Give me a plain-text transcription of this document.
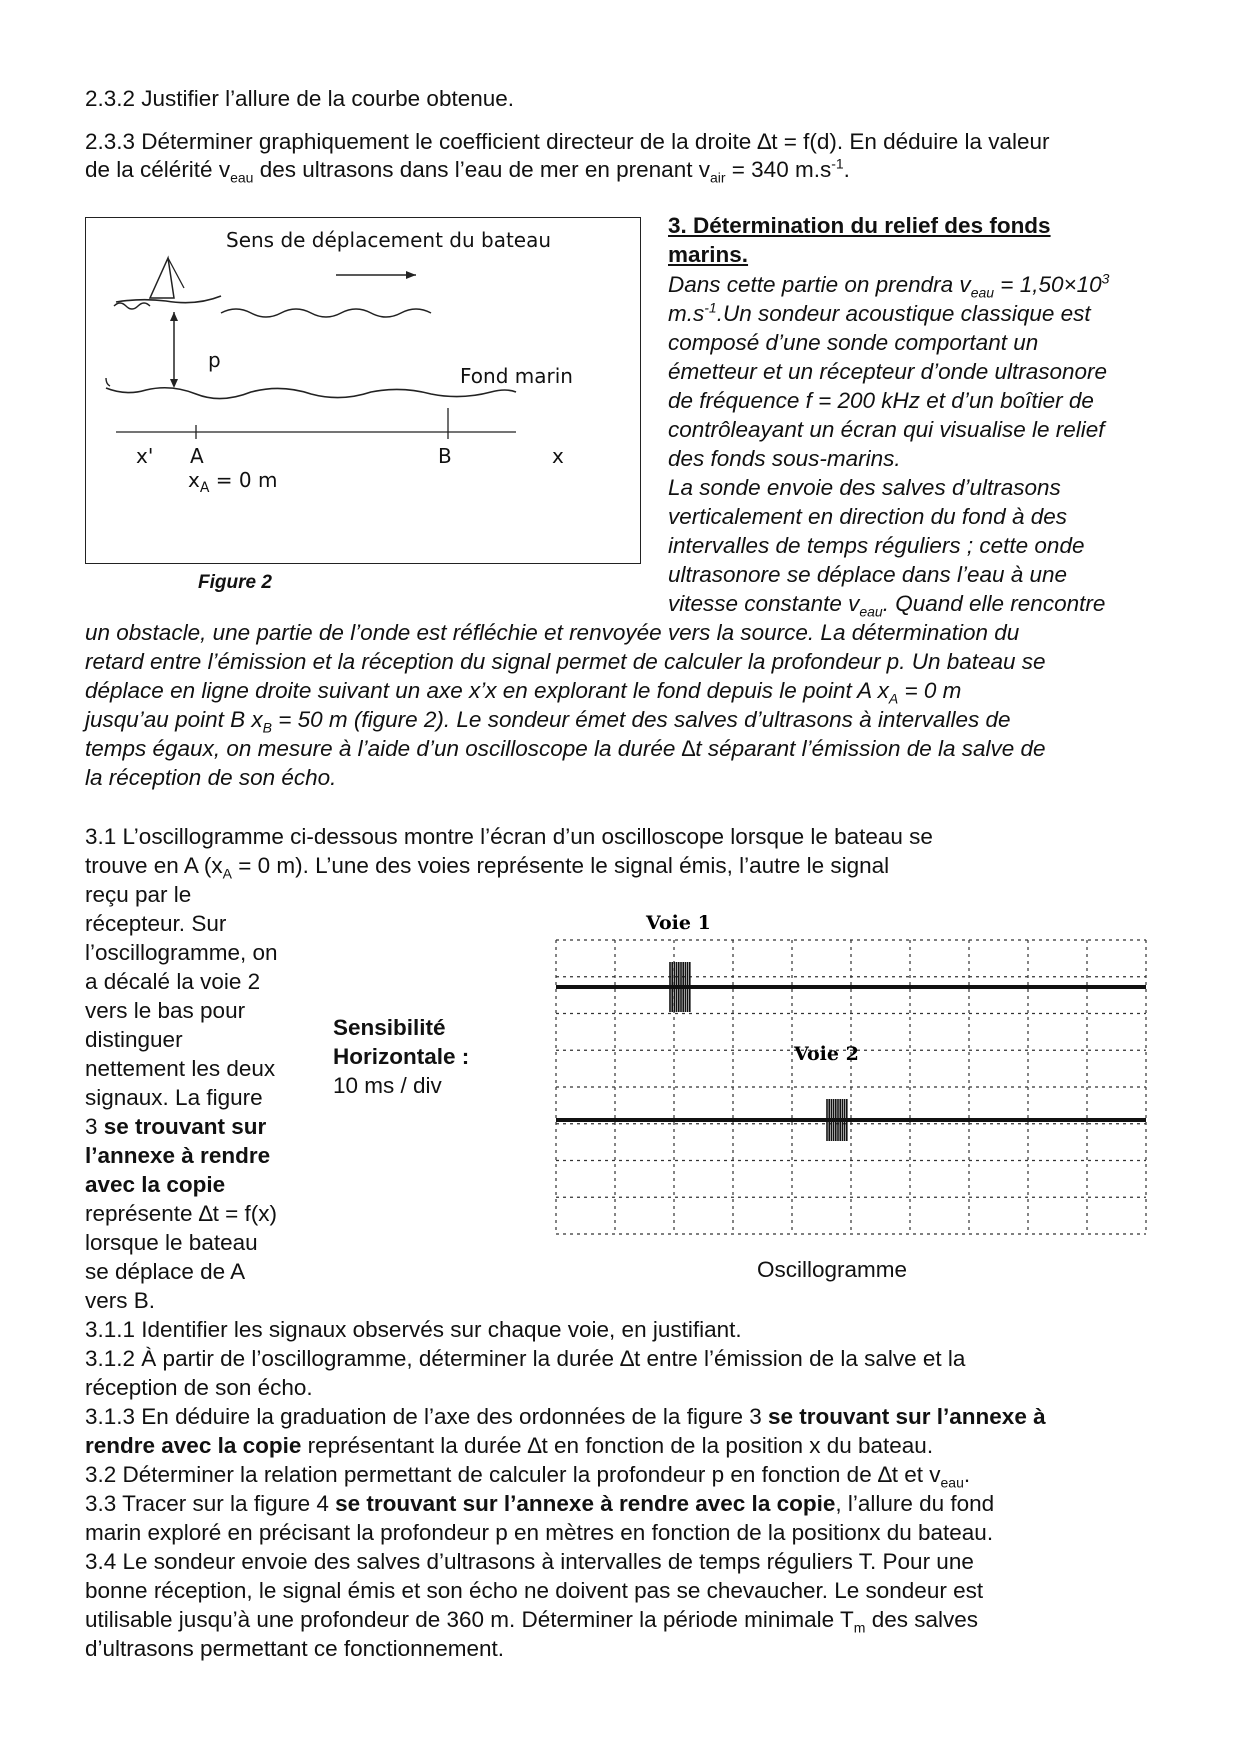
2.3.2 Justifier l’allure de la courbe obtenue.

2.3.3 Déterminer graphiquement le coefficient directeur de la droite ∆t = f(d). En déduire la valeur

de la célérité $v_{eau}$ des ultrasons dans l’eau de mer en prenant $v_{air} = 340$ $m.s^{-1}$.

Sens de déplacement du bateau
p
Fond marin
x' A	B	x
$x_A = 0$ m
Figure 2

3. Détermination du relief des fonds

marins.

Dans cette partie on prendra $v_{eau} = 1,50\times 10^3$

$m.s^{-1}.Un$ sondeur acoustique classique est

composé d’une sonde comportant un

émetteur et un récepteur d’onde ultrasonore

de fréquence f = 200 kHz et d’un boîtier de

contrôleayant un écran qui visualise le relief

des fonds sous-marins.

La sonde envoie des salves d’ultrasons

verticalement en direction du fond à des

intervalles de temps réguliers ; cette onde

ultrasonore se déplace dans l’eau à une

vitesse constante $v_{eau}$. Quand elle rencontre

un obstacle, une partie de l’onde est réfléchie et renvoyée vers la source. La détermination du

retard entre l’émission et la réception du signal permet de calculer la profondeur p. Un bateau se

déplace en ligne droite suivant un axe x’x en explorant le fond depuis le point A $x_A = 0$ m

jusqu’au point B $x_B = 50$ m (figure 2). Le sondeur émet des salves d’ultrasons à intervalles de

temps égaux, on mesure à l’aide d’un oscilloscope la durée ∆t séparant l’émission de la salve de

la réception de son écho.

3.1 L’oscillogramme ci-dessous montre l’écran d’un oscilloscope lorsque le bateau se

trouve en A ($x_A = 0$ m). L’une des voies représente le signal émis, l’autre le signal

reçu par le

récepteur. Sur

l’oscillogramme, on

a décalé la voie 2

vers le bas pour

distinguer

nettement les deux

signaux. La figure

3 se trouvant sur

l’annexe à rendre

avec la copie

représente ∆t = f(x)

lorsque le bateau

se déplace de A

vers B.

Sensibilité

Horizontale :

10 ms / div

Voie 1
Voie 2

Oscillogramme

3.1.1 Identifier les signaux observés sur chaque voie, en justifiant.

3.1.2 À partir de l’oscillogramme, déterminer la durée ∆t entre l’émission de la salve et la

réception de son écho.

3.1.3 En déduire la graduation de l’axe des ordonnées de la figure 3 se trouvant sur l’annexe à

rendre avec la copie représentant la durée ∆t en fonction de la position x du bateau.

3.2 Déterminer la relation permettant de calculer la profondeur p en fonction de ∆t et $v_{eau}$.

3.3 Tracer sur la figure 4 se trouvant sur l’annexe à rendre avec la copie, l’allure du fond

marin exploré en précisant la profondeur p en mètres en fonction de la positionx du bateau.

3.4 Le sondeur envoie des salves d’ultrasons à intervalles de temps réguliers T. Pour une

bonne réception, le signal émis et son écho ne doivent pas se chevaucher. Le sondeur est

utilisable jusqu’à une profondeur de 360 m. Déterminer la période minimale $T_m$ des salves

d’ultrasons permettant ce fonctionnement.
